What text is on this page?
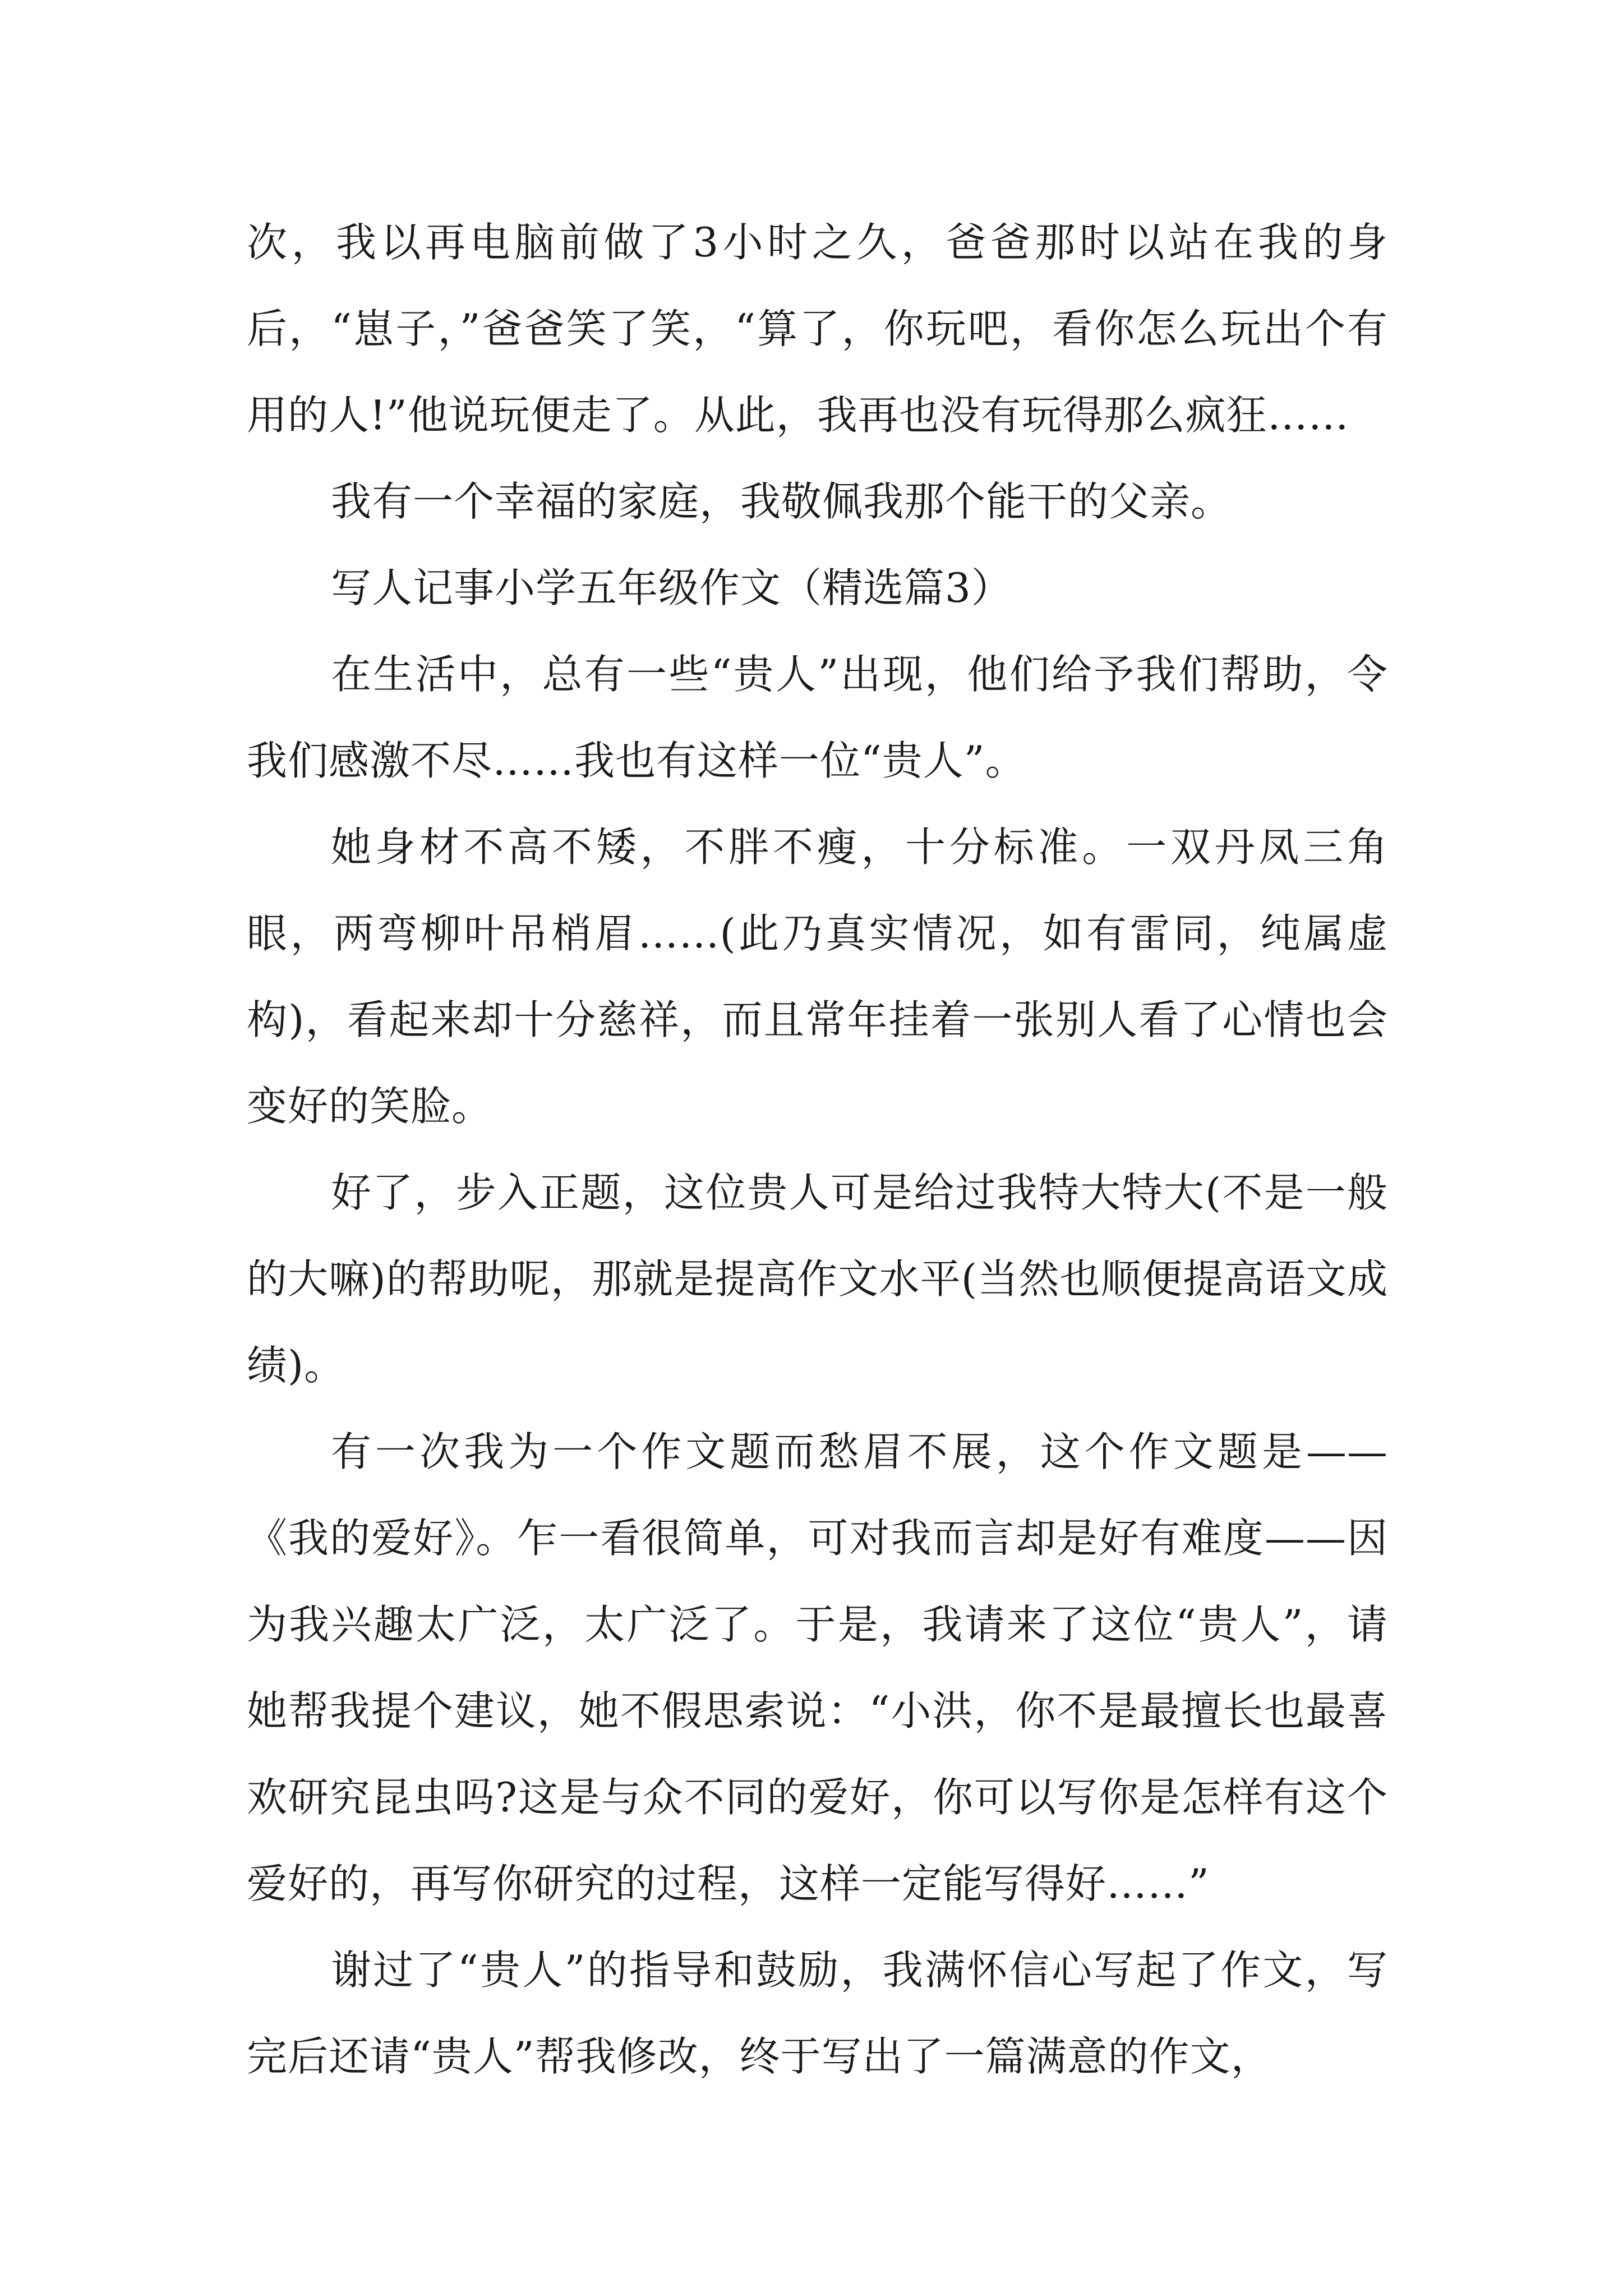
次，我以再电脑前做了3小时之久，爸爸那时以站在我的身后，“崽子，”爸爸笑了笑，“算了，你玩吧，看你怎么玩出个有用的人!”他说玩便走了。从此，我再也没有玩得那么疯狂……

我有一个幸福的家庭，我敬佩我那个能干的父亲。

写人记事小学五年级作文（精选篇3）

在生活中，总有一些“贵人”出现，他们给予我们帮助，令我们感激不尽……我也有这样一位“贵人”。

她身材不高不矮，不胖不瘦，十分标准。一双丹凤三角眼，两弯柳叶吊梢眉……(此乃真实情况，如有雷同，纯属虚构)，看起来却十分慈祥，而且常年挂着一张别人看了心情也会变好的笑脸。

好了，步入正题，这位贵人可是给过我特大特大(不是一般的大嘛)的帮助呢，那就是提高作文水平(当然也顺便提高语文成绩)。

有一次我为一个作文题而愁眉不展，这个作文题是——《我的爱好》。乍一看很简单，可对我而言却是好有难度——因为我兴趣太广泛，太广泛了。于是，我请来了这位“贵人”，请她帮我提个建议，她不假思索说：“小洪，你不是最擅长也最喜欢研究昆虫吗?这是与众不同的爱好，你可以写你是怎样有这个爱好的，再写你研究的过程，这样一定能写得好……”

谢过了“贵人”的指导和鼓励，我满怀信心写起了作文，写完后还请“贵人”帮我修改，终于写出了一篇满意的作文，
